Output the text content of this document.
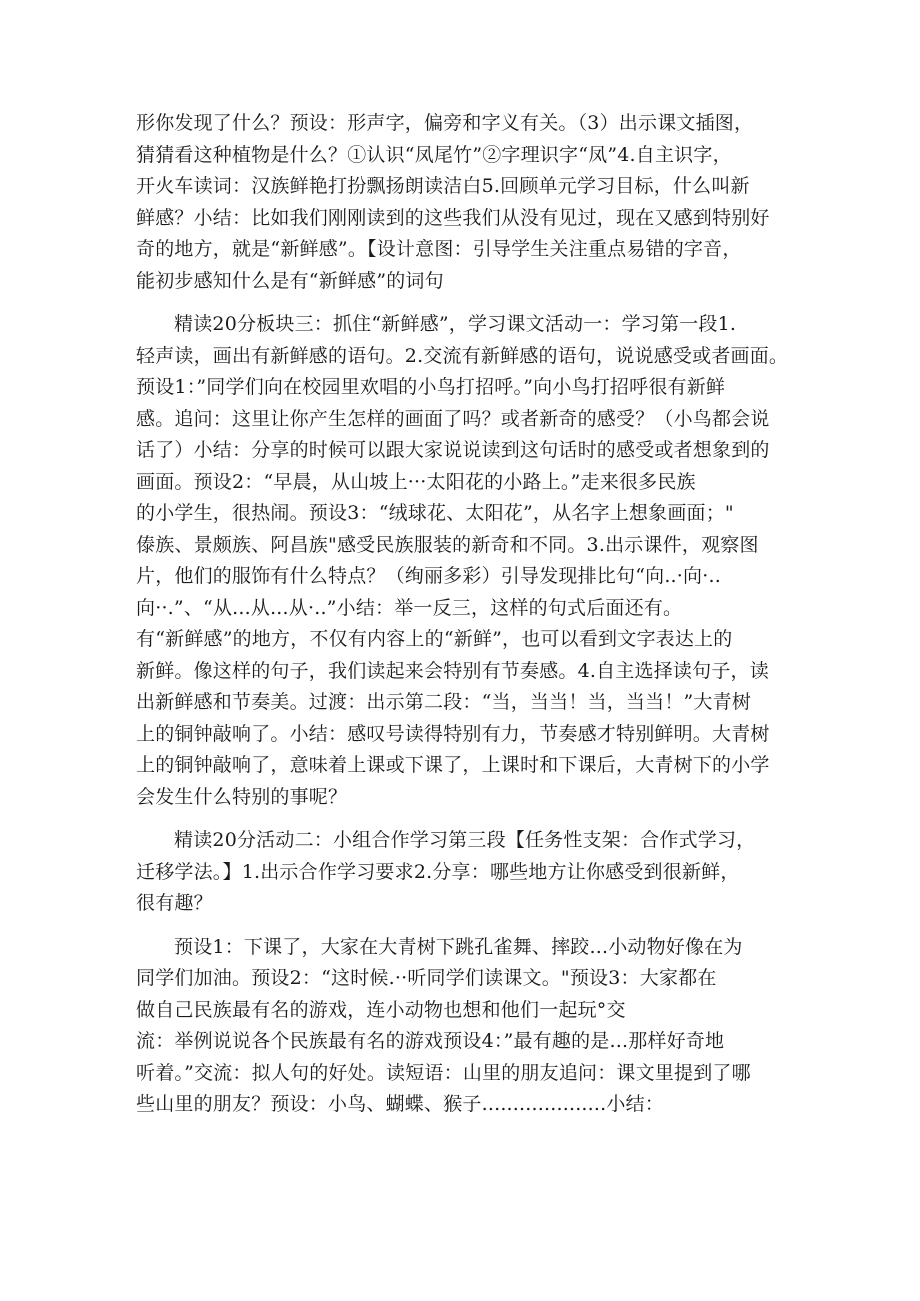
形你发现了什么？预设：形声字，偏旁和字义有关。（3）出示课文插图，
猜猜看这种植物是什么？①认识“凤尾竹”②字理识字“凤”4.自主识字，
开火车读词：汉族鲜艳打扮飘扬朗读洁白5.回顾单元学习目标，什么叫新
鲜感？小结：比如我们刚刚读到的这些我们从没有见过，现在又感到特别好
奇的地方，就是“新鲜感”。【设计意图：引导学生关注重点易错的字音，
能初步感知什么是有“新鲜感”的词句

精读20分板块三：抓住“新鲜感”，学习课文活动一：学习第一段1.
轻声读，画出有新鲜感的语句。2.交流有新鲜感的语句，说说感受或者画面。
预设1：”同学们向在校园里欢唱的小鸟打招呼。”向小鸟打招呼很有新鲜
感。追问：这里让你产生怎样的画面了吗？或者新奇的感受？（小鸟都会说
话了）小结：分享的时候可以跟大家说说读到这句话时的感受或者想象到的
画面。预设2：“早晨，从山坡上···太阳花的小路上。”走来很多民族
的小学生，很热闹。预设3：“绒球花、太阳花”，从名字上想象画面；"
傣族、景颇族、阿昌族"感受民族服装的新奇和不同。3.出示课件，观察图
片，他们的服饰有什么特点？（绚丽多彩）引导发现排比句“向..·向·..
向··.”、“从...从...从·..”小结：举一反三，这样的句式后面还有。
有“新鲜感”的地方，不仅有内容上的“新鲜”，也可以看到文字表达上的
新鲜。像这样的句子，我们读起来会特别有节奏感。4.自主选择读句子，读
出新鲜感和节奏美。过渡：出示第二段：“当，当当！当，当当！”大青树
上的铜钟敲响了。小结：感叹号读得特别有力，节奏感才特别鲜明。大青树
上的铜钟敲响了，意味着上课或下课了，上课时和下课后，大青树下的小学
会发生什么特别的事呢？

精读20分活动二：小组合作学习第三段【任务性支架：合作式学习，
迁移学法。】1.出示合作学习要求2.分享：哪些地方让你感受到很新鲜，
很有趣？

预设1：下课了，大家在大青树下跳孔雀舞、摔跤...小动物好像在为
同学们加油。预设2：“这时候.··听同学们读课文。"预设3：大家都在
做自己民族最有名的游戏，连小动物也想和他们一起玩°交
流：举例说说各个民族最有名的游戏预设4：”最有趣的是...那样好奇地
听着。”交流：拟人句的好处。读短语：山里的朋友追问：课文里提到了哪
些山里的朋友？预设：小鸟、蝴蝶、猴子....................小结：
